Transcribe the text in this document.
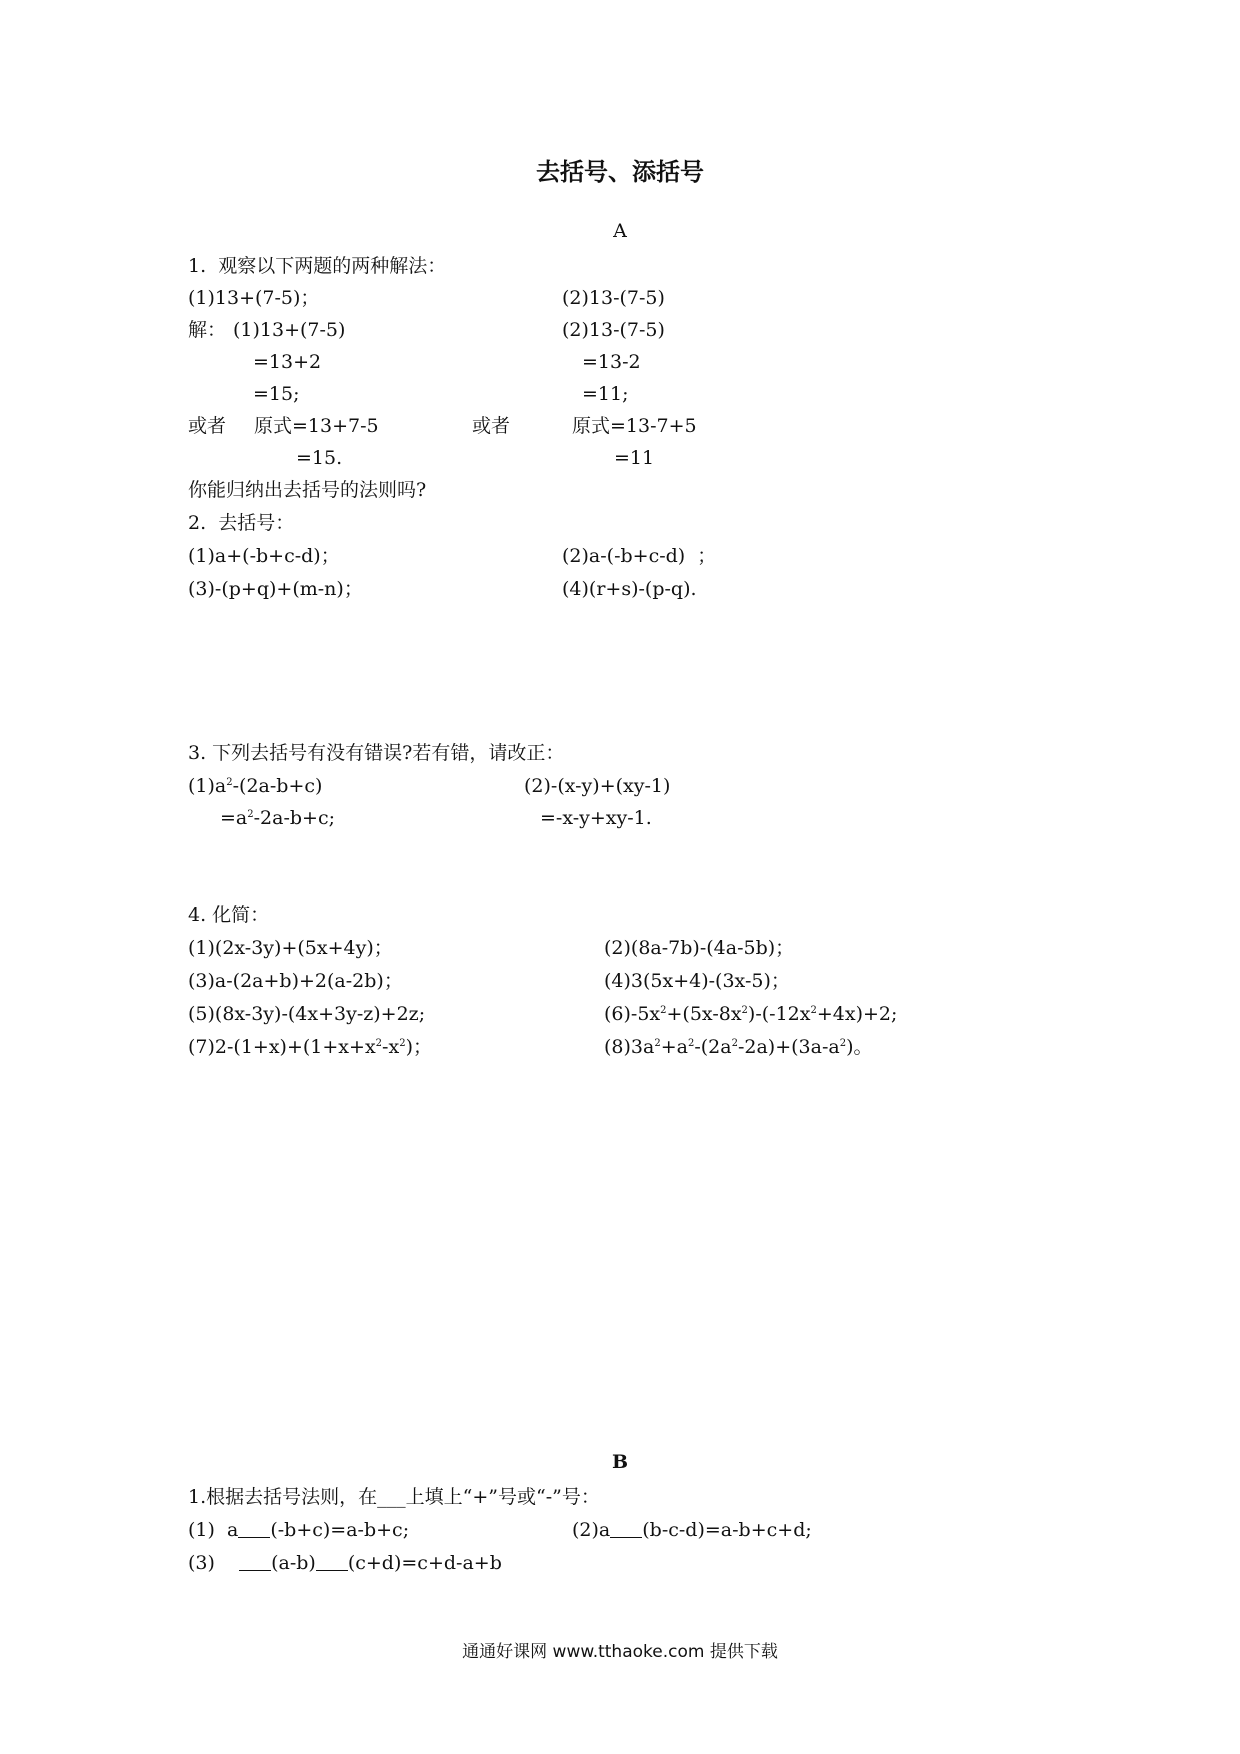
去括号、添括号
A
1.  观察以下两题的两种解法：
(1)13+(7-5)；	(2)13-(7-5)
解： (1)13+(7-5)	(2)13-(7-5)
=13+2	=13-2
=15;	=11;
或者 原式=13+7-5	或者	原式=13-7+5
=15.	=11
你能归纳出去括号的法则吗?
2.  去括号：
(1)a+(-b+c-d)；	(2)a-(-b+c-d)  ；
(3)-(p+q)+(m-n)；	(4)(r+s)-(p-q).
3. 下列去括号有没有错误?若有错，请改正：
$(1)a^2-(2a-b+c)$	(2)-(x-y)+(xy-1)
$=a^2-2a-b+c$;	=-x-y+xy-1.
4. 化简：
(1)(2x-3y)+(5x+4y)；	(2)(8a-7b)-(4a-5b)；
(3)a-(2a+b)+2(a-2b)；	(4)3(5x+4)-(3x-5)；
(5)(8x-3y)-(4x+3y-z)+2z;	$(6)-5x^2+(5x-8x^2)-(-12x^2+4x)+2$;
$(7)2-(1+x)+(1+x+x^2-x^2)$；	$(8)3a^2+a^2-(2a^2-2a)+(3a-a^2)$。
B
1.根据去括号法则，在___上填上“+”号或“-”号：
(1)  a (-b+c)=a-b+c;	(2)a (b-c-d)=a-b+c+d;
(3)    (a-b) (c+d)=c+d-a+b
通通好课网 www.tthaoke.com 提供下载
